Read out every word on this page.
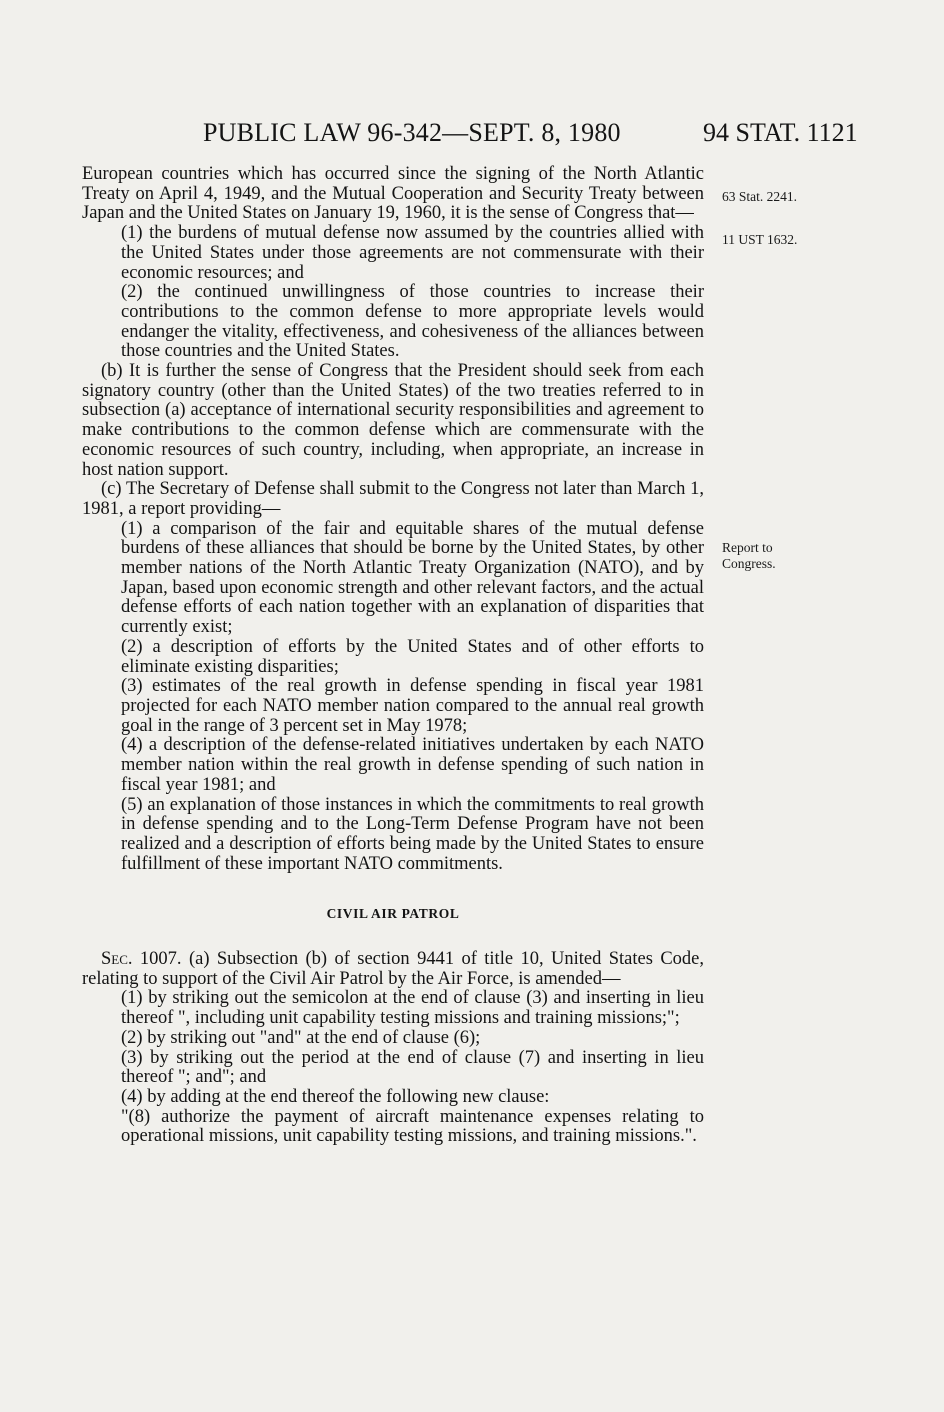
PUBLIC LAW 96-342—SEPT. 8, 1980	94 STAT. 1121
63 Stat. 2241.
11 UST 1632.
Report to Congress.

European countries which has occurred since the signing of the North Atlantic Treaty on April 4, 1949, and the Mutual Cooperation and Security Treaty between Japan and the United States on January 19, 1960, it is the sense of Congress that—

(1) the burdens of mutual defense now assumed by the countries allied with the United States under those agreements are not commensurate with their economic resources; and

(2) the continued unwillingness of those countries to increase their contributions to the common defense to more appropriate levels would endanger the vitality, effectiveness, and cohesiveness of the alliances between those countries and the United States.

(b) It is further the sense of Congress that the President should seek from each signatory country (other than the United States) of the two treaties referred to in subsection (a) acceptance of international security responsibilities and agreement to make contributions to the common defense which are commensurate with the economic resources of such country, including, when appropriate, an increase in host nation support.

(c) The Secretary of Defense shall submit to the Congress not later than March 1, 1981, a report providing—

(1) a comparison of the fair and equitable shares of the mutual defense burdens of these alliances that should be borne by the United States, by other member nations of the North Atlantic Treaty Organization (NATO), and by Japan, based upon economic strength and other relevant factors, and the actual defense efforts of each nation together with an explanation of disparities that currently exist;

(2) a description of efforts by the United States and of other efforts to eliminate existing disparities;

(3) estimates of the real growth in defense spending in fiscal year 1981 projected for each NATO member nation compared to the annual real growth goal in the range of 3 percent set in May 1978;

(4) a description of the defense-related initiatives undertaken by each NATO member nation within the real growth in defense spending of such nation in fiscal year 1981; and

(5) an explanation of those instances in which the commitments to real growth in defense spending and to the Long-Term Defense Program have not been realized and a description of efforts being made by the United States to ensure fulfillment of these important NATO commitments.

CIVIL AIR PATROL

Sec. 1007. (a) Subsection (b) of section 9441 of title 10, United States Code, relating to support of the Civil Air Patrol by the Air Force, is amended—

(1) by striking out the semicolon at the end of clause (3) and inserting in lieu thereof ", including unit capability testing missions and training missions;";

(2) by striking out "and" at the end of clause (6);

(3) by striking out the period at the end of clause (7) and inserting in lieu thereof "; and"; and

(4) by adding at the end thereof the following new clause:

"(8) authorize the payment of aircraft maintenance expenses relating to operational missions, unit capability testing missions, and training missions.".
